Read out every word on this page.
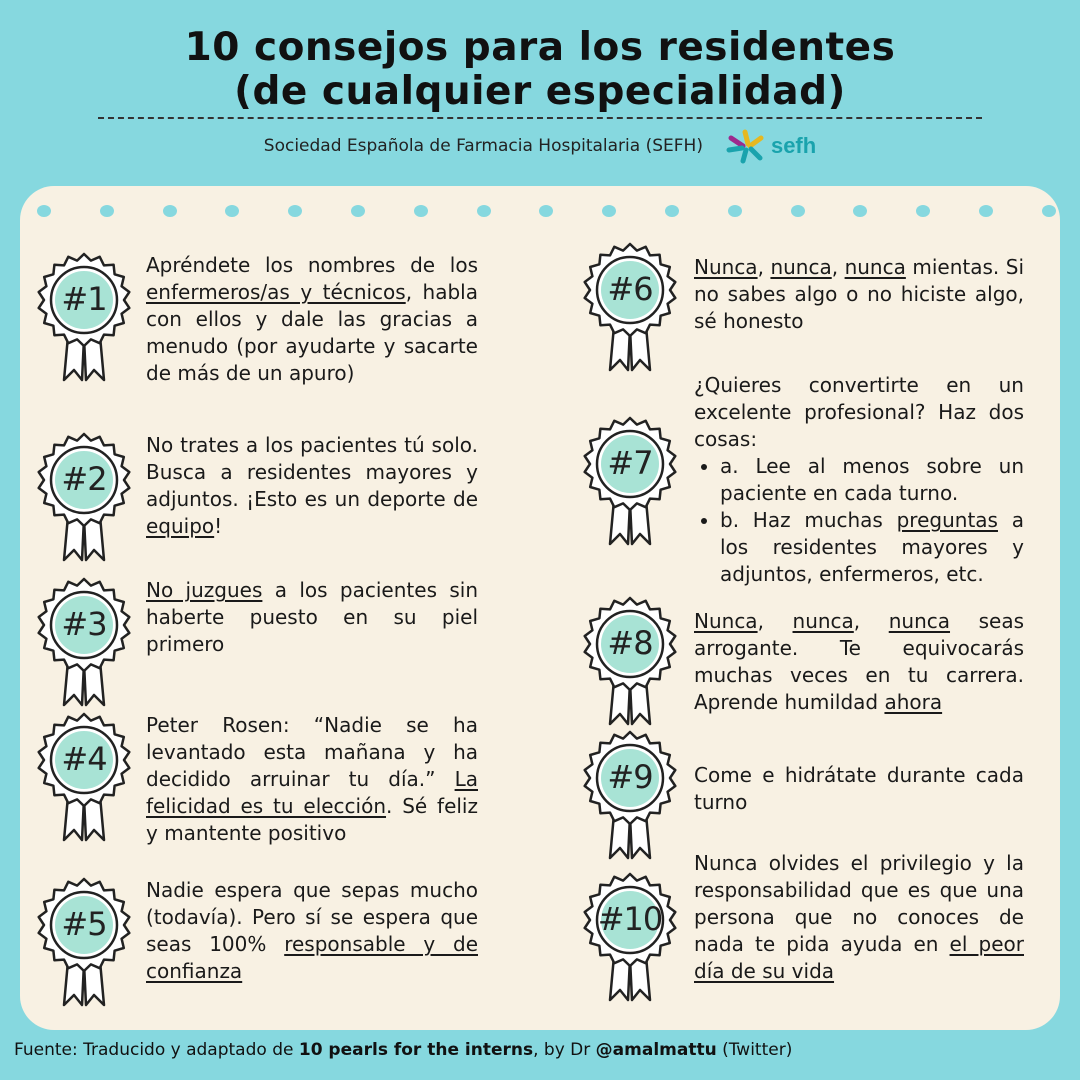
10 consejos para los residentes
(de cualquier especialidad)
Sociedad Española de Farmacia Hospitalaria (SEFH)	sefh
#1
Apréndete los nombres de los enfermeros/as y técnicos, habla con ellos y dale las gracias a menudo (por ayudarte y sacarte de más de un apuro)
#2
No trates a los pacientes tú solo. Busca a residentes mayores y adjuntos. ¡Esto es un deporte de equipo!
#3
No juzgues a los pacientes sin haberte puesto en su piel primero
#4
Peter Rosen: “Nadie se ha levantado esta mañana y ha decidido arruinar tu día.” La felicidad es tu elección. Sé feliz y mantente positivo
#5
Nadie espera que sepas mucho (todavía). Pero sí se espera que seas 100% responsable y de confianza
#6
Nunca, nunca, nunca mientas. Si no sabes algo o no hiciste algo, sé honesto
#7
¿Quieres convertirte en un excelente profesional? Haz dos cosas:
• a. Lee al menos sobre un paciente en cada turno.
• b. Haz muchas preguntas a los residentes mayores y adjuntos, enfermeros, etc.
#8
Nunca, nunca, nunca seas arrogante. Te equivocarás muchas veces en tu carrera. Aprende humildad ahora
#9	Come e hidrátate durante cada turno
#10
Nunca olvides el privilegio y la responsabilidad que es que una persona que no conoces de nada te pida ayuda en el peor día de su vida
Fuente: Traducido y adaptado de 10 pearls for the interns, by Dr @amalmattu (Twitter)
